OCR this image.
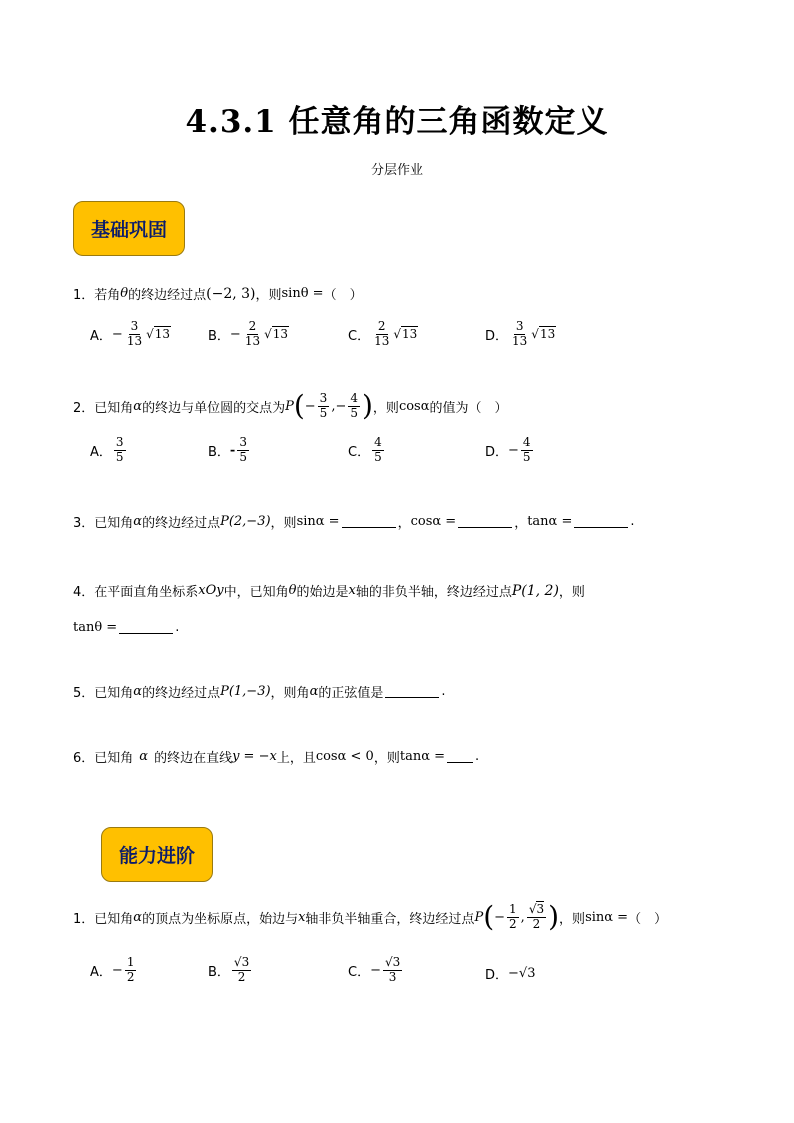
4.3.1 任意角的三角函数定义
分层作业
基础巩固
1．若角 θ 的终边经过点 (−2, 3) ，则 sinθ = （　）
A． − $\frac{3}{13} √13$	B． − $\frac{2}{13} √13$	C． $\frac{2}{13} √13$	D． $\frac{3}{13} √13$
2．已知角 α 的终边与单位圆的交点为 P ( − $\frac{3}{5}$ ,− $\frac{4}{5}$ ) ，则 cosα 的值为（　）
A． $\frac{3}{5}$	B． - $\frac{3}{5}$	C． $\frac{4}{5}$	D． − $\frac{4}{5}$
3．已知角 α 的终边经过点 P(2,−3) ，则 sinα =	， cosα =	， tanα =	.
4．在平面直角坐标系 xOy 中，已知角 θ 的始边是 x 轴的非负半轴，终边经过点 P(1, 2) ，则
tanθ =	.
5．已知角 α 的终边经过点 P(1,−3) ，则角 α 的正弦值是	.
6．已知角 α 的终边在直线 y = −x 上，且 cosα < 0 ，则 tanα = .
能力进阶
1．已知角 α 的顶点为坐标原点，始边与 x 轴非负半轴重合，终边经过点 P ( − $\frac{1}{2}$ , $\frac{√3}{2}$ ) ，则 sinα = （　）
A． − $\frac{1}{2}$	B． $\frac{√3}{2}$	C． − $\frac{√3}{3}$	D． −√3
